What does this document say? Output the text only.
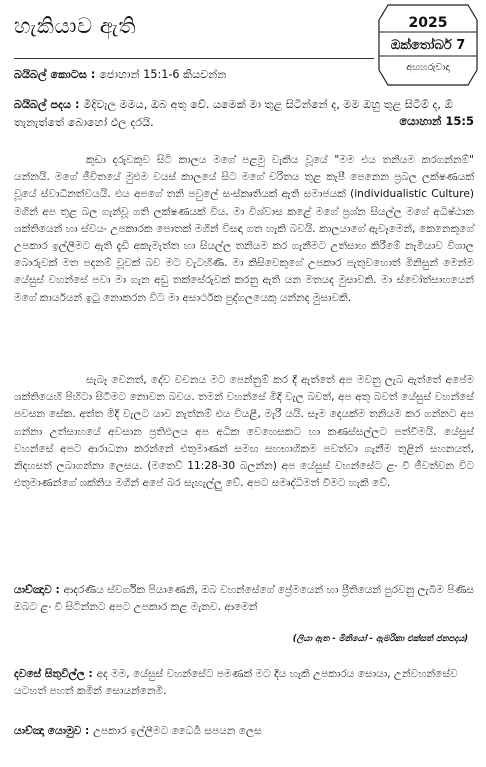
හැකියාව ඇති	2025
ඔක්තෝබර් 7
අඟහරුවාදා
බයිබල් කොටස : ජොහාන් 15:1-6 කියවන්න
බයිබල් පදය : මිදිවැල මමය, ඔබ අතු වේ. යමෙක් මා තුළ සිටින්නේ ද, මම ඔහු තුළ සිටිම් ද, ඕ තැනැත්තේ බොහෝ ඵල දරයි.	යොහාන් 15:5

කුඩා දරුවකුව සිටි කාලය මගේ පළමු වැකිය වූයේ "මම එය තනියම කරගන්නම්" යන්නයි. මගේ ජීවිතයේ මුළුම වයස් කාලයේ සිට මගේ චරිතය තුළ කැපී පෙනෙන ප්‍රබල ලක්ෂණයක් වූයේ ස්වාධීනත්වයයි. එය අපගේ තනි පවුලේ සංස්කෘතියක් ඇති සමාජයක් (individualistic Culture) මගින් අප තුළ බල ගැන්වූ ගති ලක්ෂණයක් විය. මා විශ්වාස කළේ මගේ ප්‍රශ්න සියල්ල මගේ අධිෂ්ඨාන ශක්තියෙන් හා ස්වයං උපකාරක පොතක් මගින් විසඳා ගත හැකි බවයි. කාලයාගේ ඇවෑමෙන්, කෙනෙකුගේ උපකාර ඉල්ලීමට ඇති දැඩි අකැමැත්ත හා සියල්ල තනියම කර ගැනීමට උත්සාහ කිරීමේ නැමියාව විශාල බොරුවක් මත පදනම් වූවක් බව මට වැටහිණි. මා කිසිවෙකුගේ උපකාර පැතුවහොත් මිනිසුන් මෙන්ම යේසුස් වහන්සේ පවා මා ගැන අඩු තක්සේරුවක් කරනු ඇති යන මතයද මුසාවකි. මා ස්වෝත්සාහයෙන් මගේ කාර්යයන් ඉටු නොකරන විට මා අසාර්ථක පුද්ගලයෙකු යන්නද මුසාවකි.

සැබෑ වෙනත්, දේව වචනය මට පෙන්නුම් කර දී ඇත්තේ අප මවනු ලැබ ඇත්තේ අපේම ශක්තියෙහි පිහිටා සිටීමට නොවන බවය. තමන් වහන්සේ මිදි වැල බවත්, අප අතු බවත් යේසුස් වහන්සේ පවසන සේක. අත්ත මිදි වැලට යාව නැත්නම් එය වියළී, මැරී යයි. සෑම දෙයක්ම තනියම කර ගන්නට අප ගන්නා උත්සාහයේ අවසාන ප්‍රතිඵලය අප අධික වෙහෙසකට හා කණස්සල්ලට පත්වීමයි. යේසුස් වහන්සේ අපට ආරාධනා කරන්නේ එතුමාණන් සමඟ සහභාගිකම පවත්වා ගැනීම තුළින් සහනයත්, නිදහසත් ලබාගන්නා ලෙසය. (මතෙව් 11:28-30 බලන්න) අප යේසුස් වහන්සේට ළං වී ජීවත්වන විට එතුමාණන්ගේ ශක්තිය මගින් අපේ බර සැහැල්ලු වේ. අපට සමෘද්ධිමත් වීමට හැකි වේ.

යාච්ඤාව : ආදරණීය ස්වර්ගික පියාණෙනි, ඔබ වහන්සේගේ ප්‍රේමයෙන් හා ප්‍රීතියෙන් පුරවනු ලැබීම පිණිස ඔබට ළං වී සිටින්නට අපට උපකාර කළ මැනව. ආමෙන්
(ලියා ඇත - මිනියෝ - ඇමරිකා එක්සත් ජනපදය)
දවසේ සිතුවිල්ල : අද මම, යේසුස් වහන්සේට පමණක් මට දිය හැකි උපකාරය සොයා, උන්වහන්සේව යටහත් පහත් කමින් සොයන්නෙමි.
යාච්ඤා යොමුව : උපකාර ඉල්ලීමට ධෛර්‍ය සපයන ලෙස
